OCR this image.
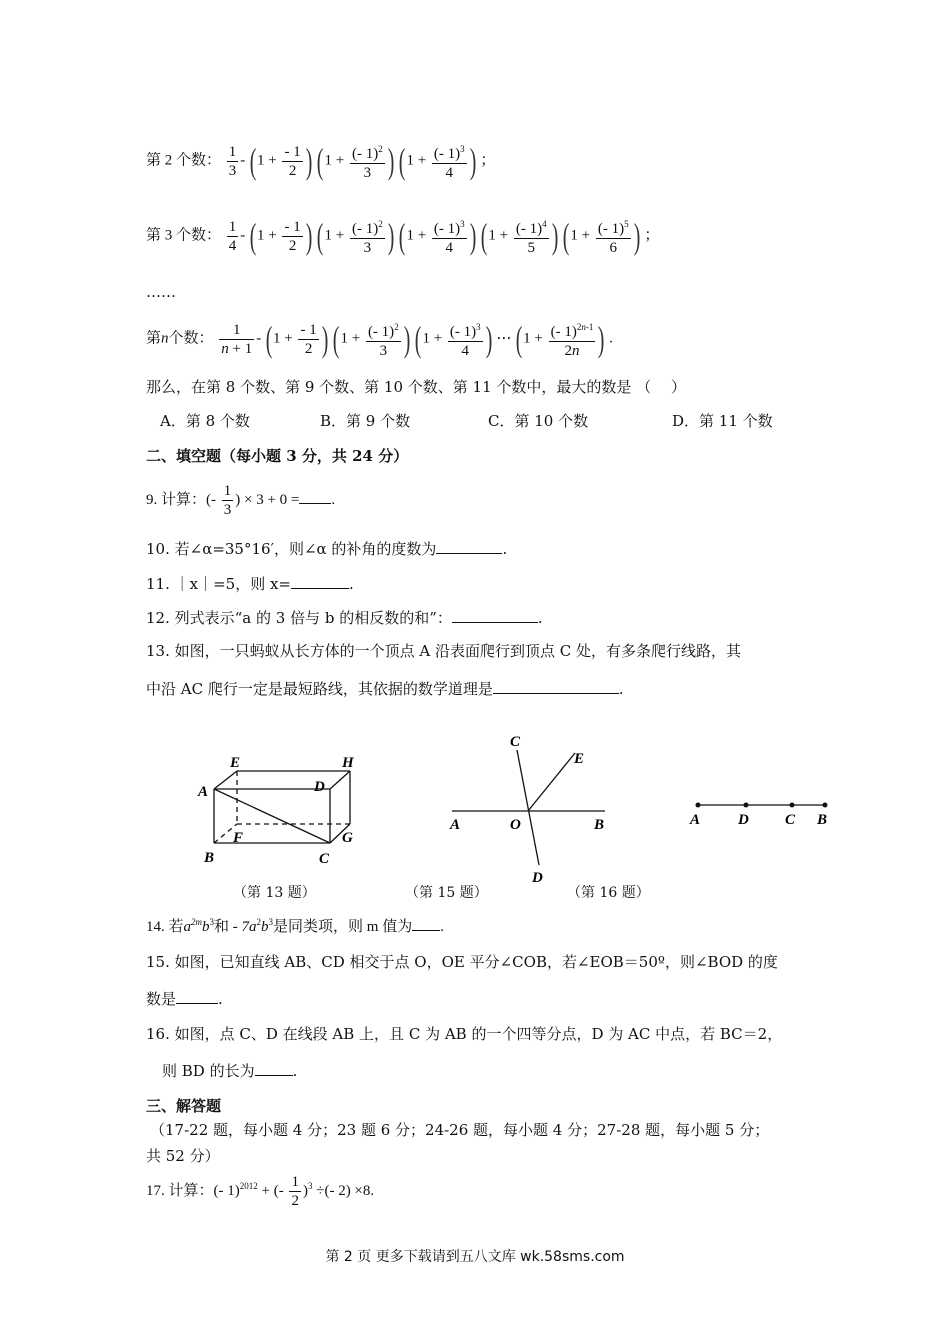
第 2 个数： $\frac{1}{3} - (1 + \frac{- 1}{2}$ ) ($1 + \frac{(- 1)^2}{3}$ ) ($1 + \frac{(- 1)^3}{4}$ ) ；
第 3 个数： $\frac{1}{4} - (1 + \frac{- 1}{2}$ ) ($1 + \frac{(- 1)^2}{3}$ ) ($1 + \frac{(- 1)^3}{4}$ ) ($1 + \frac{(- 1)^4}{5}$ ) ($1 + \frac{(- 1)^5}{6}$ ) ；
……
第n个数： $\frac{1}{n + 1} - (1 + \frac{- 1}{2}$ ) ($1 + \frac{(- 1)^2}{3}$ ) ($1 + \frac{(- 1)^3}{4}$ ) ⋯ ($1 + \frac{(- 1)^{2n-1}}{2n}$ ) .
那么，在第 8 个数、第 9 个数、第 10 个数、第 11 个数中，最大的数是 （　 ）
A．第 8 个数	B．第 9 个数	C．第 10 个数	D．第 11 个数
二、填空题（每小题 3 分，共 24 分）
9. 计算：(- $\frac{1}{3}$ ) × 3 + 0 = .
10. 若∠α=35°16′，则∠α 的补角的度数为	.
11. ｜x｜=5，则 x=	.
12. 列式表示“a 的 3 倍与 b 的相反数的和”：	.
13. 如图，一只蚂蚁从长方体的一个顶点 A 沿表面爬行到顶点 C 处，有多条爬行线路，其
中沿 AC 爬行一定是最短路线，其依据的数学道理是	.
E	H
A	D
F	G
B	C
C
E
A	O	B
D
A	D C B
（第 13 题）	（第 15 题）	（第 16 题）
14. 若$a^{2m}b^3$和 - $7a^2b^3$是同类项，则 m 值为 .
15. 如图，已知直线 AB、CD 相交于点 O，OE 平分∠COB，若∠EOB＝50º，则∠BOD 的度
数是	.
16. 如图，点 C、D 在线段 AB 上，且 C 为 AB 的一个四等分点，D 为 AC 中点，若 BC＝2，
则 BD 的长为	.
三、解答题
（17-22 题，每小题 4 分；23 题 6 分；24-26 题，每小题 4 分；27-28 题，每小题 5 分；
共 52 分）
17. 计算：(- 1)$^{2012}$ + (- $\frac{1}{2} )^3$ ÷(- 2) ×8.
第 2 页 更多下载请到五八文库 wk.58sms.com
